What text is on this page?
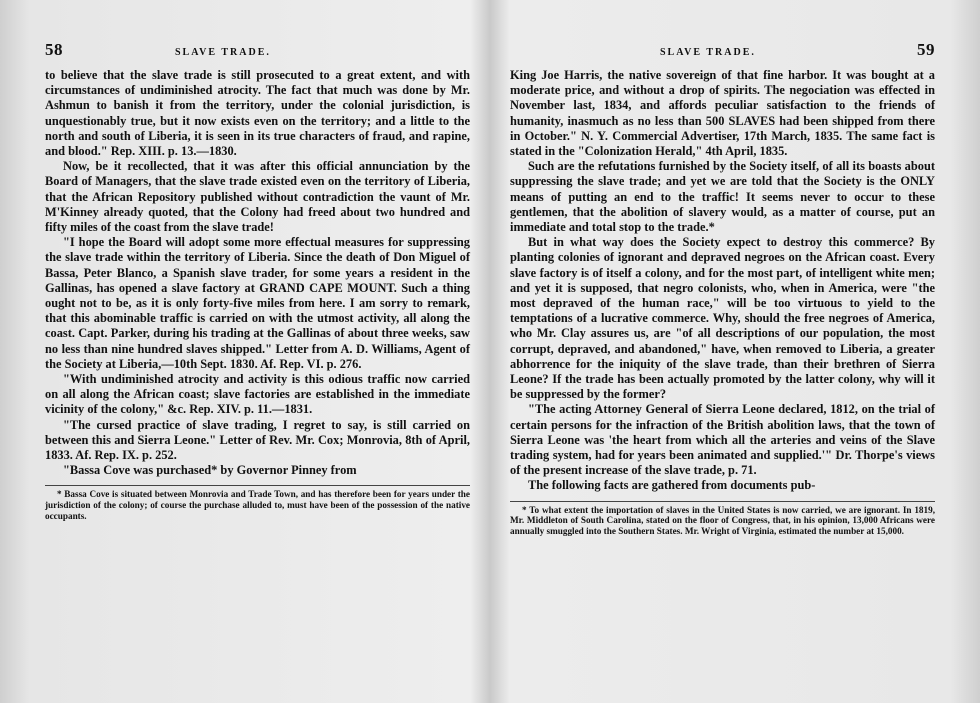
58	SLAVE TRADE.

to believe that the slave trade is still prosecuted to a great extent, and with circumstances of undiminished atrocity. The fact that much was done by Mr. Ashmun to banish it from the territory, under the colonial jurisdiction, is unquestionably true, but it now exists even on the territory; and a little to the north and south of Liberia, it is seen in its true characters of fraud, and rapine, and blood." Rep. XIII. p. 13.—1830.

Now, be it recollected, that it was after this official annunciation by the Board of Managers, that the slave trade existed even on the territory of Liberia, that the African Repository published without contradiction the vaunt of Mr. M'Kinney already quoted, that the Colony had freed about two hundred and fifty miles of the coast from the slave trade!

"I hope the Board will adopt some more effectual measures for suppressing the slave trade within the territory of Liberia. Since the death of Don Miguel of Bassa, Peter Blanco, a Spanish slave trader, for some years a resident in the Gallinas, has opened a slave factory at GRAND CAPE MOUNT. Such a thing ought not to be, as it is only forty-five miles from here. I am sorry to remark, that this abominable traffic is carried on with the utmost activity, all along the coast. Capt. Parker, during his trading at the Gallinas of about three weeks, saw no less than nine hundred slaves shipped." Letter from A. D. Williams, Agent of the Society at Liberia,—10th Sept. 1830. Af. Rep. VI. p. 276.

"With undiminished atrocity and activity is this odious traffic now carried on all along the African coast; slave factories are established in the immediate vicinity of the colony," &c. Rep. XIV. p. 11.—1831.

"The cursed practice of slave trading, I regret to say, is still carried on between this and Sierra Leone." Letter of Rev. Mr. Cox; Monrovia, 8th of April, 1833. Af. Rep. IX. p. 252.

"Bassa Cove was purchased* by Governor Pinney from

* Bassa Cove is situated between Monrovia and Trade Town, and has therefore been for years under the jurisdiction of the colony; of course the purchase alluded to, must have been of the possession of the native occupants.

SLAVE TRADE.	59

King Joe Harris, the native sovereign of that fine harbor. It was bought at a moderate price, and without a drop of spirits. The negociation was effected in November last, 1834, and affords peculiar satisfaction to the friends of humanity, inasmuch as no less than 500 SLAVES had been shipped from there in October." N. Y. Commercial Advertiser, 17th March, 1835. The same fact is stated in the "Colonization Herald," 4th April, 1835.

Such are the refutations furnished by the Society itself, of all its boasts about suppressing the slave trade; and yet we are told that the Society is the ONLY means of putting an end to the traffic! It seems never to occur to these gentlemen, that the abolition of slavery would, as a matter of course, put an immediate and total stop to the trade.*

But in what way does the Society expect to destroy this commerce? By planting colonies of ignorant and depraved negroes on the African coast. Every slave factory is of itself a colony, and for the most part, of intelligent white men; and yet it is supposed, that negro colonists, who, when in America, were "the most depraved of the human race," will be too virtuous to yield to the temptations of a lucrative commerce. Why, should the free negroes of America, who Mr. Clay assures us, are "of all descriptions of our population, the most corrupt, depraved, and abandoned," have, when removed to Liberia, a greater abhorrence for the iniquity of the slave trade, than their brethren of Sierra Leone? If the trade has been actually promoted by the latter colony, why will it be suppressed by the former?

"The acting Attorney General of Sierra Leone declared, 1812, on the trial of certain persons for the infraction of the British abolition laws, that the town of Sierra Leone was 'the heart from which all the arteries and veins of the Slave trading system, had for years been animated and supplied.'" Dr. Thorpe's views of the present increase of the slave trade, p. 71.

The following facts are gathered from documents pub-

* To what extent the importation of slaves in the United States is now carried, we are ignorant. In 1819, Mr. Middleton of South Carolina, stated on the floor of Congress, that, in his opinion, 13,000 Africans were annually smuggled into the Southern States. Mr. Wright of Virginia, estimated the number at 15,000.
